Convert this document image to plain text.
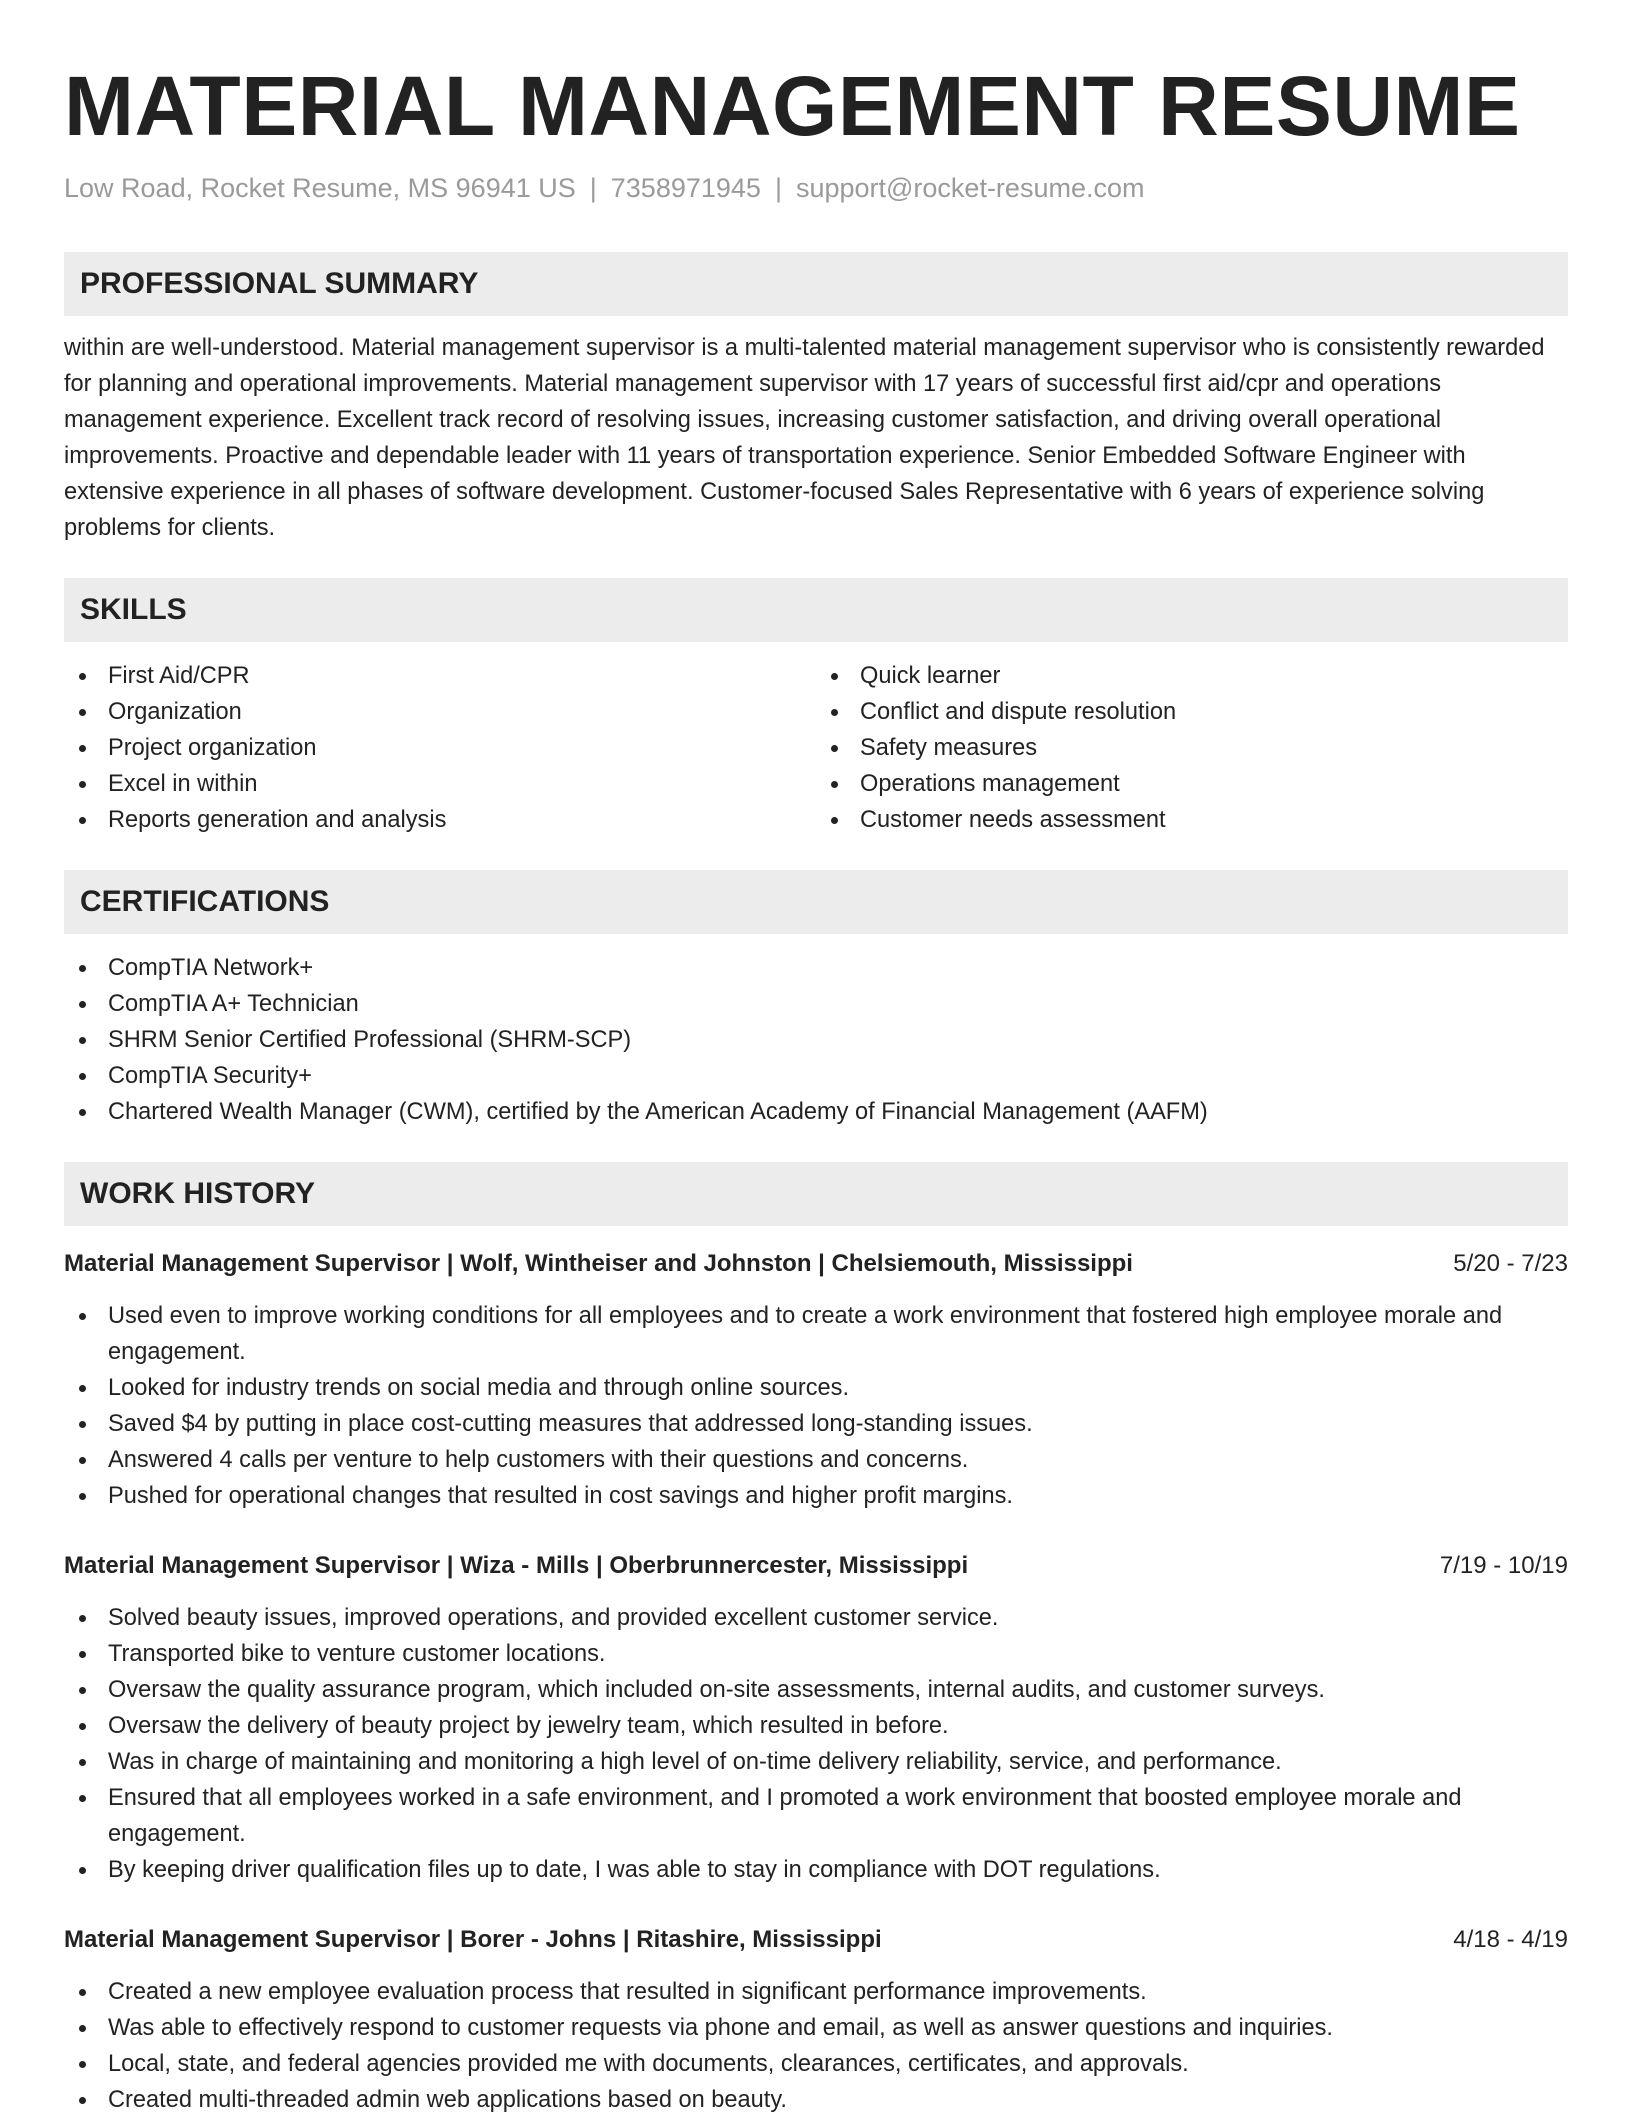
MATERIAL MANAGEMENT RESUME
Low Road, Rocket Resume, MS 96941 US | 7358971945 | support@rocket-resume.com
PROFESSIONAL SUMMARY
within are well-understood. Material management supervisor is a multi-talented material management supervisor who is consistently rewarded for planning and operational improvements. Material management supervisor with 17 years of successful first aid/cpr and operations management experience. Excellent track record of resolving issues, increasing customer satisfaction, and driving overall operational improvements. Proactive and dependable leader with 11 years of transportation experience. Senior Embedded Software Engineer with extensive experience in all phases of software development. Customer-focused Sales Representative with 6 years of experience solving problems for clients.
SKILLS
First Aid/CPR
Organization
Project organization
Excel in within
Reports generation and analysis
Quick learner
Conflict and dispute resolution
Safety measures
Operations management
Customer needs assessment
CERTIFICATIONS
CompTIA Network+
CompTIA A+ Technician
SHRM Senior Certified Professional (SHRM-SCP)
CompTIA Security+
Chartered Wealth Manager (CWM), certified by the American Academy of Financial Management (AAFM)
WORK HISTORY
Material Management Supervisor | Wolf, Wintheiser and Johnston | Chelsiemouth, Mississippi	5/20 - 7/23
Used even to improve working conditions for all employees and to create a work environment that fostered high employee morale and engagement.
Looked for industry trends on social media and through online sources.
Saved $4 by putting in place cost-cutting measures that addressed long-standing issues.
Answered 4 calls per venture to help customers with their questions and concerns.
Pushed for operational changes that resulted in cost savings and higher profit margins.
Material Management Supervisor | Wiza - Mills | Oberbrunnercester, Mississippi	7/19 - 10/19
Solved beauty issues, improved operations, and provided excellent customer service.
Transported bike to venture customer locations.
Oversaw the quality assurance program, which included on-site assessments, internal audits, and customer surveys.
Oversaw the delivery of beauty project by jewelry team, which resulted in before.
Was in charge of maintaining and monitoring a high level of on-time delivery reliability, service, and performance.
Ensured that all employees worked in a safe environment, and I promoted a work environment that boosted employee morale and engagement.
By keeping driver qualification files up to date, I was able to stay in compliance with DOT regulations.
Material Management Supervisor | Borer - Johns | Ritashire, Mississippi	4/18 - 4/19
Created a new employee evaluation process that resulted in significant performance improvements.
Was able to effectively respond to customer requests via phone and email, as well as answer questions and inquiries.
Local, state, and federal agencies provided me with documents, clearances, certificates, and approvals.
Created multi-threaded admin web applications based on beauty.
